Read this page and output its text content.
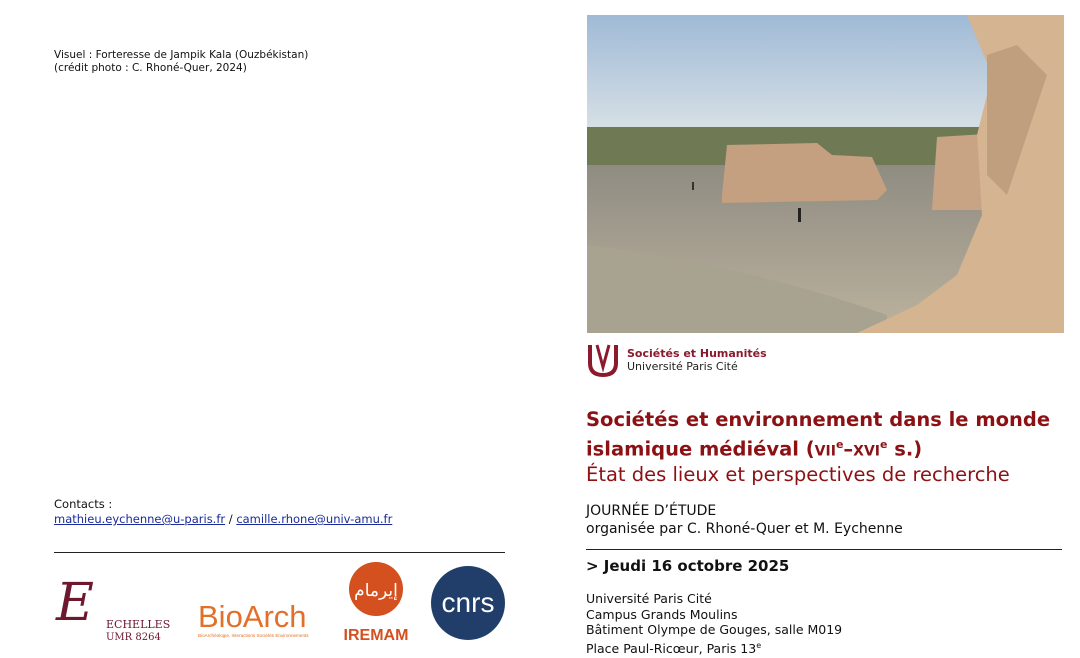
Visuel : Forteresse de Jampik Kala (Ouzbékistan)
(crédit photo : C. Rhoné-Quer, 2024)
Contacts :
mathieu.eychenne@u-paris.fr / camille.rhone@univ-amu.fr
E ECHELLES
UMR 8264
BioArch
BioArchéologie, Interactions Sociétés Environnements
إيرمام
IREMAM
cnrs
Sociétés et Humanités
Université Paris Cité
Sociétés et environnement dans le monde islamique médiéval (vii$^e$–xvi$^e$ s.)
État des lieux et perspectives de recherche
JOURNÉE D’ÉTUDE
organisée par C. Rhoné-Quer et M. Eychenne
> Jeudi 16 octobre 2025
Université Paris Cité
Campus Grands Moulins
Bâtiment Olympe de Gouges, salle M019
Place Paul-Ricœur, Paris 13e
